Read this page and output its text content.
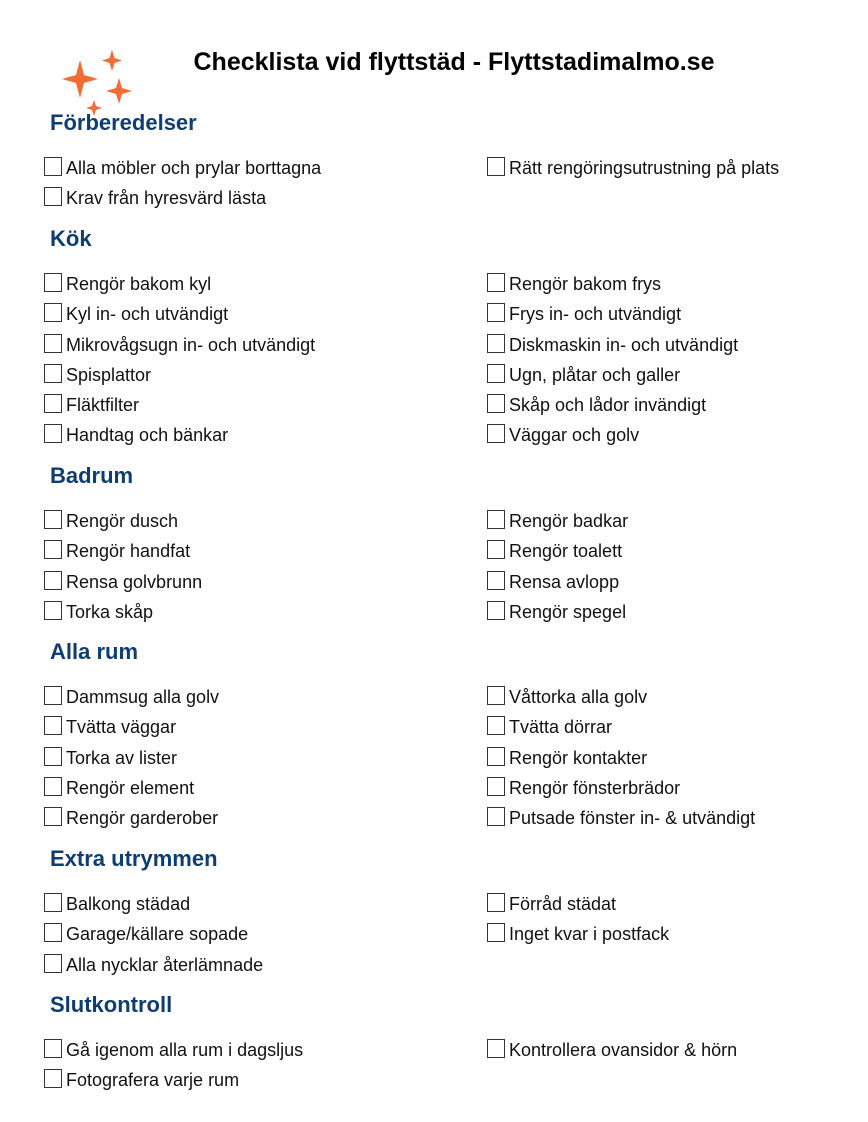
Checklista vid flyttstäd - Flyttstadimalmo.se
Förberedelser
Alla möbler och prylar borttagna	Rätt rengöringsutrustning på plats
Krav från hyresvärd lästa
Kök
Rengör bakom kyl	Rengör bakom frys
Kyl in- och utvändigt	Frys in- och utvändigt
Mikrovågsugn in- och utvändigt	Diskmaskin in- och utvändigt
Spisplattor	Ugn, plåtar och galler
Fläktfilter	Skåp och lådor invändigt
Handtag och bänkar	Väggar och golv
Badrum
Rengör dusch	Rengör badkar
Rengör handfat	Rengör toalett
Rensa golvbrunn	Rensa avlopp
Torka skåp	Rengör spegel
Alla rum
Dammsug alla golv	Våttorka alla golv
Tvätta väggar	Tvätta dörrar
Torka av lister	Rengör kontakter
Rengör element	Rengör fönsterbrädor
Rengör garderober	Putsade fönster in- & utvändigt
Extra utrymmen
Balkong städad	Förråd städat
Garage/källare sopade	Inget kvar i postfack
Alla nycklar återlämnade
Slutkontroll
Gå igenom alla rum i dagsljus	Kontrollera ovansidor & hörn
Fotografera varje rum
